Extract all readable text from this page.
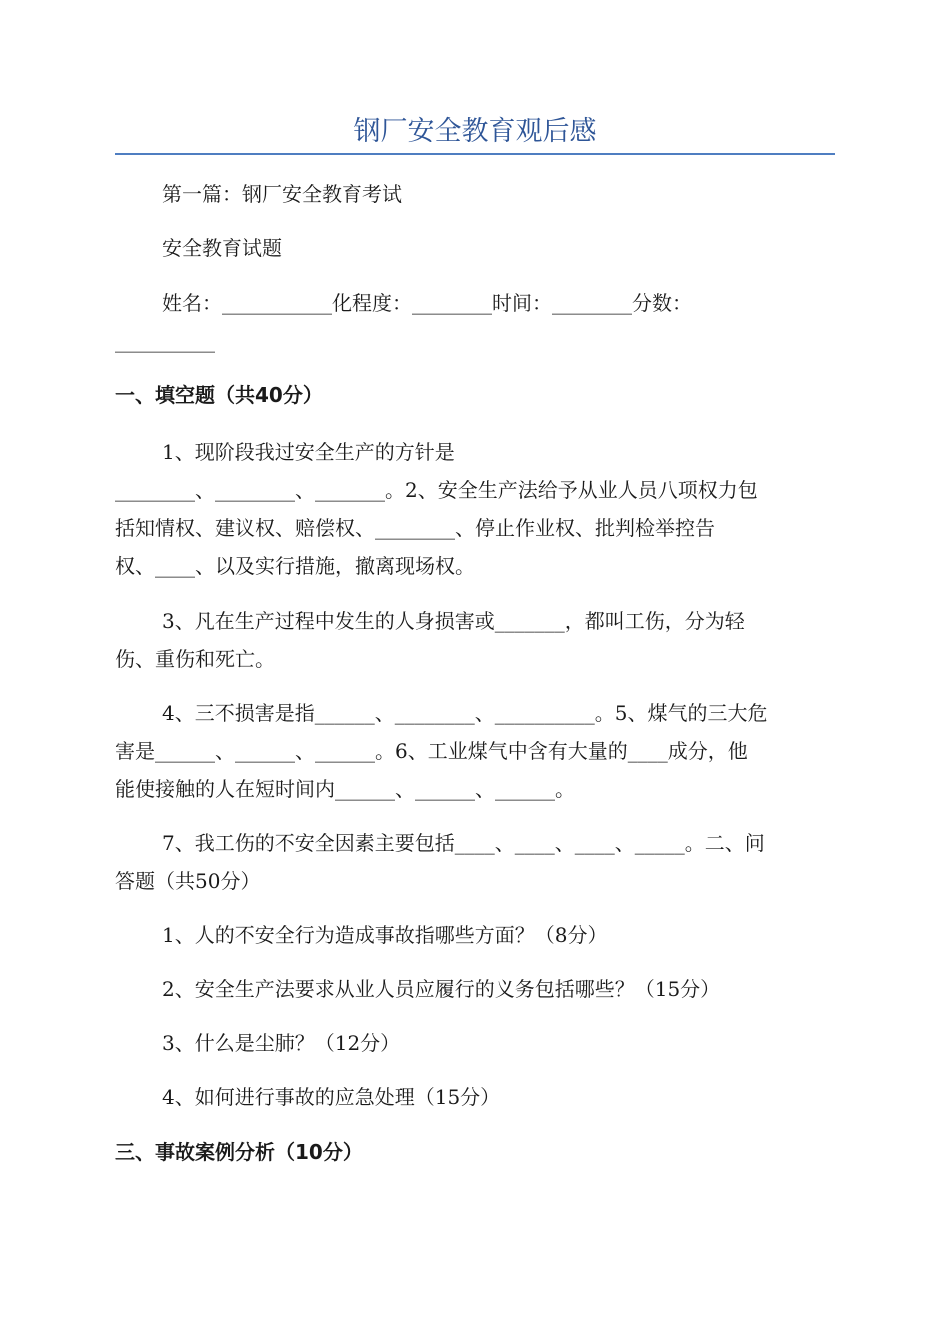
钢厂安全教育观后感

第一篇：钢厂安全教育考试

安全教育试题

姓名：___________化程度：________时间：________分数：

__________

一、填空题（共40分）
1、现阶段我过安全生产的方针是
________、________、_______。2、安全生产法给予从业人员八项权力包
括知情权、建议权、赔偿权、________、停止作业权、批判检举控告
权、____、以及实行措施，撤离现场权。
3、凡在生产过程中发生的人身损害或_______，都叫工伤，分为轻
伤、重伤和死亡。
4、三不损害是指______、________、__________。5、煤气的三大危
害是______、______、______。6、工业煤气中含有大量的____成分，他
能使接触的人在短时间内______、______、______。
7、我工伤的不安全因素主要包括____、____、____、_____。二、问
答题（共50分）

1、人的不安全行为造成事故指哪些方面？（8分）

2、安全生产法要求从业人员应履行的义务包括哪些？（15分）

3、什么是尘肺？（12分）

4、如何进行事故的应急处理（15分）

三、事故案例分析（10分）
